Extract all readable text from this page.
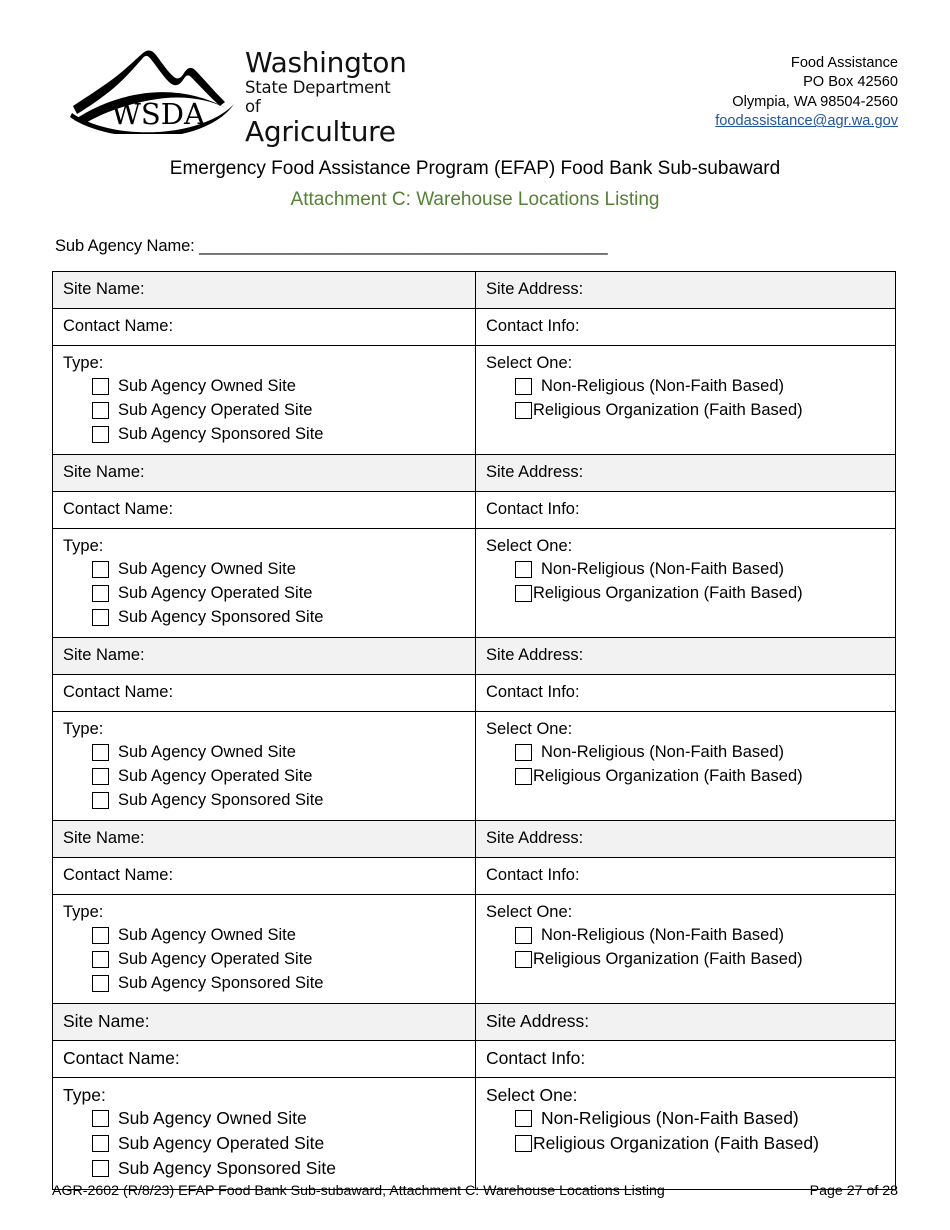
WSDA
Washington
State Department of
Agriculture
Food Assistance
PO Box 42560
Olympia, WA 98504-2560
foodassistance@agr.wa.gov
Emergency Food Assistance Program (EFAP) Food Bank Sub-subaward
Attachment C: Warehouse Locations Listing
Sub Agency Name: _____________________________________________
Site Name:	Site Address:

Contact Name:	Contact Info:

Type:
Sub Agency Owned Site
Sub Agency Operated Site
Sub Agency Sponsored Site

Select One:
Non-Religious (Non-Faith Based)
Religious Organization (Faith Based)

Site Name:	Site Address:

Contact Name:	Contact Info:

Type:
Sub Agency Owned Site
Sub Agency Operated Site
Sub Agency Sponsored Site

Select One:
Non-Religious (Non-Faith Based)
Religious Organization (Faith Based)

Site Name:	Site Address:

Contact Name:	Contact Info:

Type:
Sub Agency Owned Site
Sub Agency Operated Site
Sub Agency Sponsored Site

Select One:
Non-Religious (Non-Faith Based)
Religious Organization (Faith Based)

Site Name:	Site Address:

Contact Name:	Contact Info:

Type:
Sub Agency Owned Site
Sub Agency Operated Site
Sub Agency Sponsored Site

Select One:
Non-Religious (Non-Faith Based)
Religious Organization (Faith Based)

Site Name:	Site Address:

Contact Name:	Contact Info:

Type:
Sub Agency Owned Site
Sub Agency Operated Site
Sub Agency Sponsored Site

Select One:
Non-Religious (Non-Faith Based)
Religious Organization (Faith Based)
AGR-2602 (R/8/23) EFAP Food Bank Sub-subaward, Attachment C: Warehouse Locations Listing	Page 27 of 28
